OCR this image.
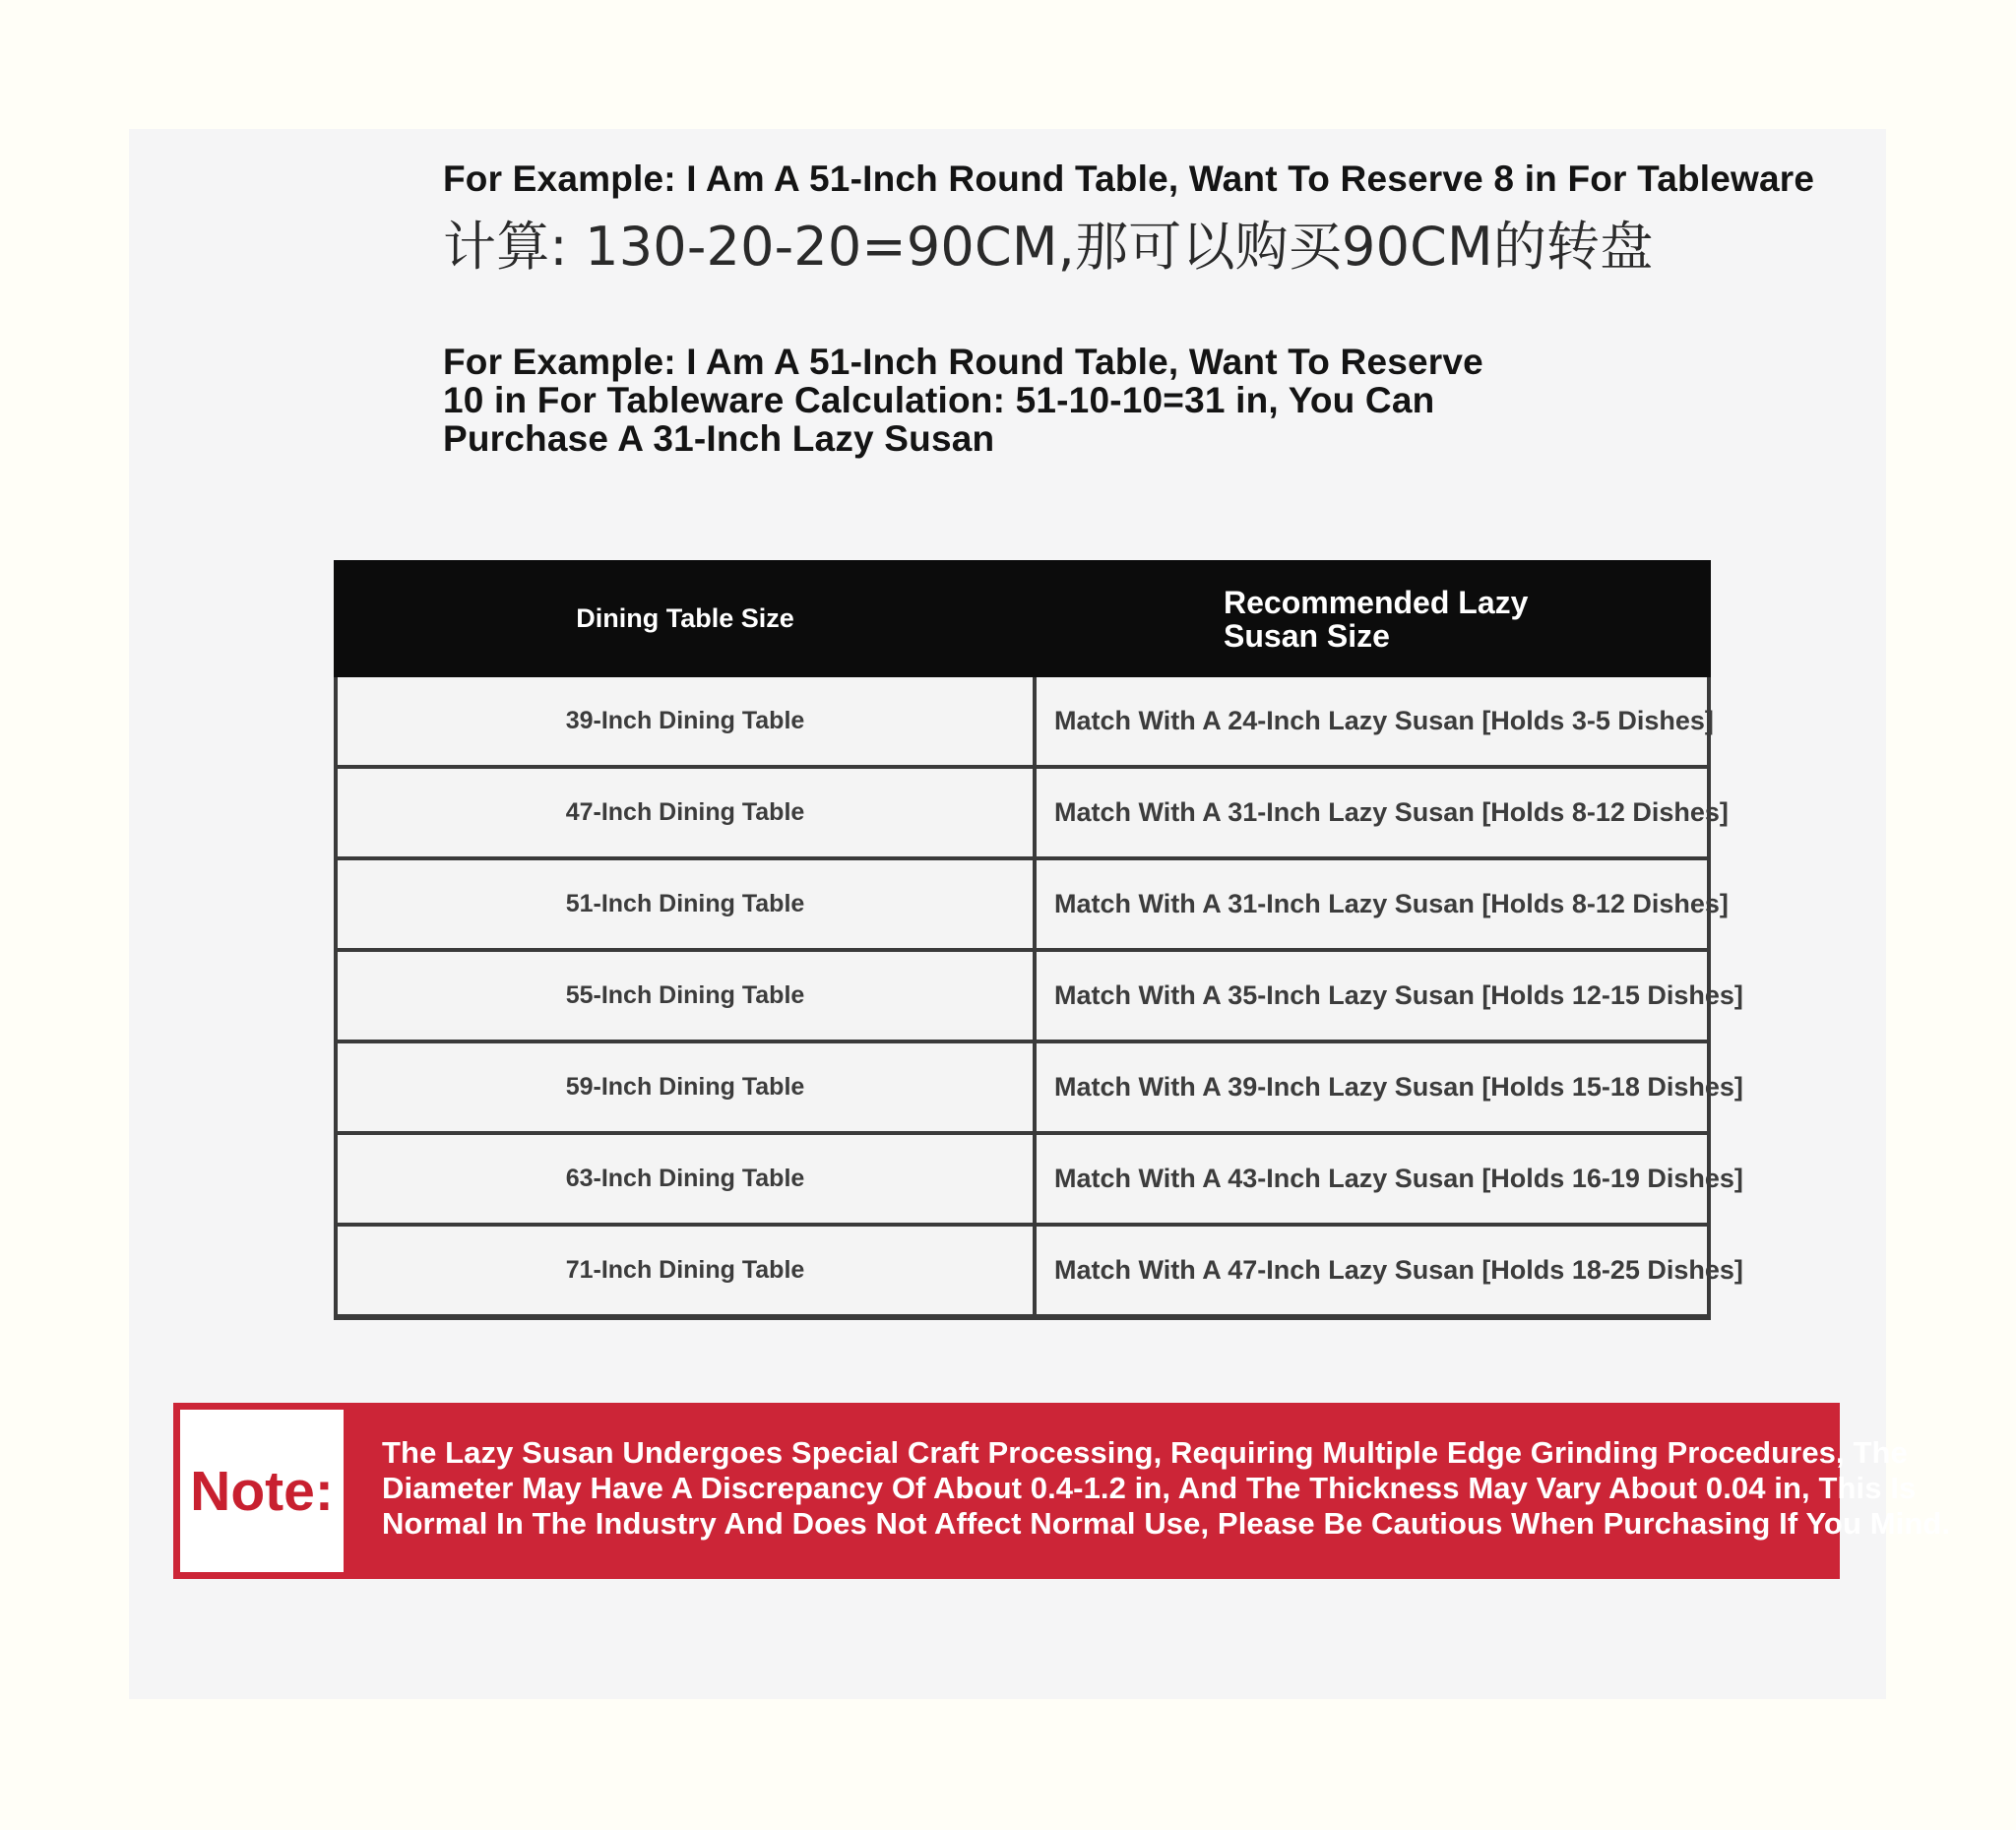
For Example: I Am A 51-Inch Round Table, Want To Reserve 8 in For Tableware
计算: 130-20-20=90CM,那可以购买90CM的转盘
For Example: I Am A 51-Inch Round Table, Want To Reserve 10 in For Tableware Calculation: 51-10-10=31 in, You Can Purchase A 31-Inch Lazy Susan
Dining Table Size	Recommended Lazy Susan Size

39-Inch Dining Table	Match With A 24-Inch Lazy Susan [Holds 3-5 Dishes]
47-Inch Dining Table	Match With A 31-Inch Lazy Susan [Holds 8-12 Dishes]
51-Inch Dining Table	Match With A 31-Inch Lazy Susan [Holds 8-12 Dishes]
55-Inch Dining Table	Match With A 35-Inch Lazy Susan [Holds 12-15 Dishes]
59-Inch Dining Table	Match With A 39-Inch Lazy Susan [Holds 15-18 Dishes]
63-Inch Dining Table	Match With A 43-Inch Lazy Susan [Holds 16-19 Dishes]
71-Inch Dining Table	Match With A 47-Inch Lazy Susan [Holds 18-25 Dishes]
Note:

The Lazy Susan Undergoes Special Craft Processing, Requiring Multiple Edge Grinding Procedures, The Diameter May Have A Discrepancy Of About 0.4-1.2 in, And The Thickness May Vary About 0.04 in, This Is Normal In The Industry And Does Not Affect Normal Use, Please Be Cautious When Purchasing If You Mind.
